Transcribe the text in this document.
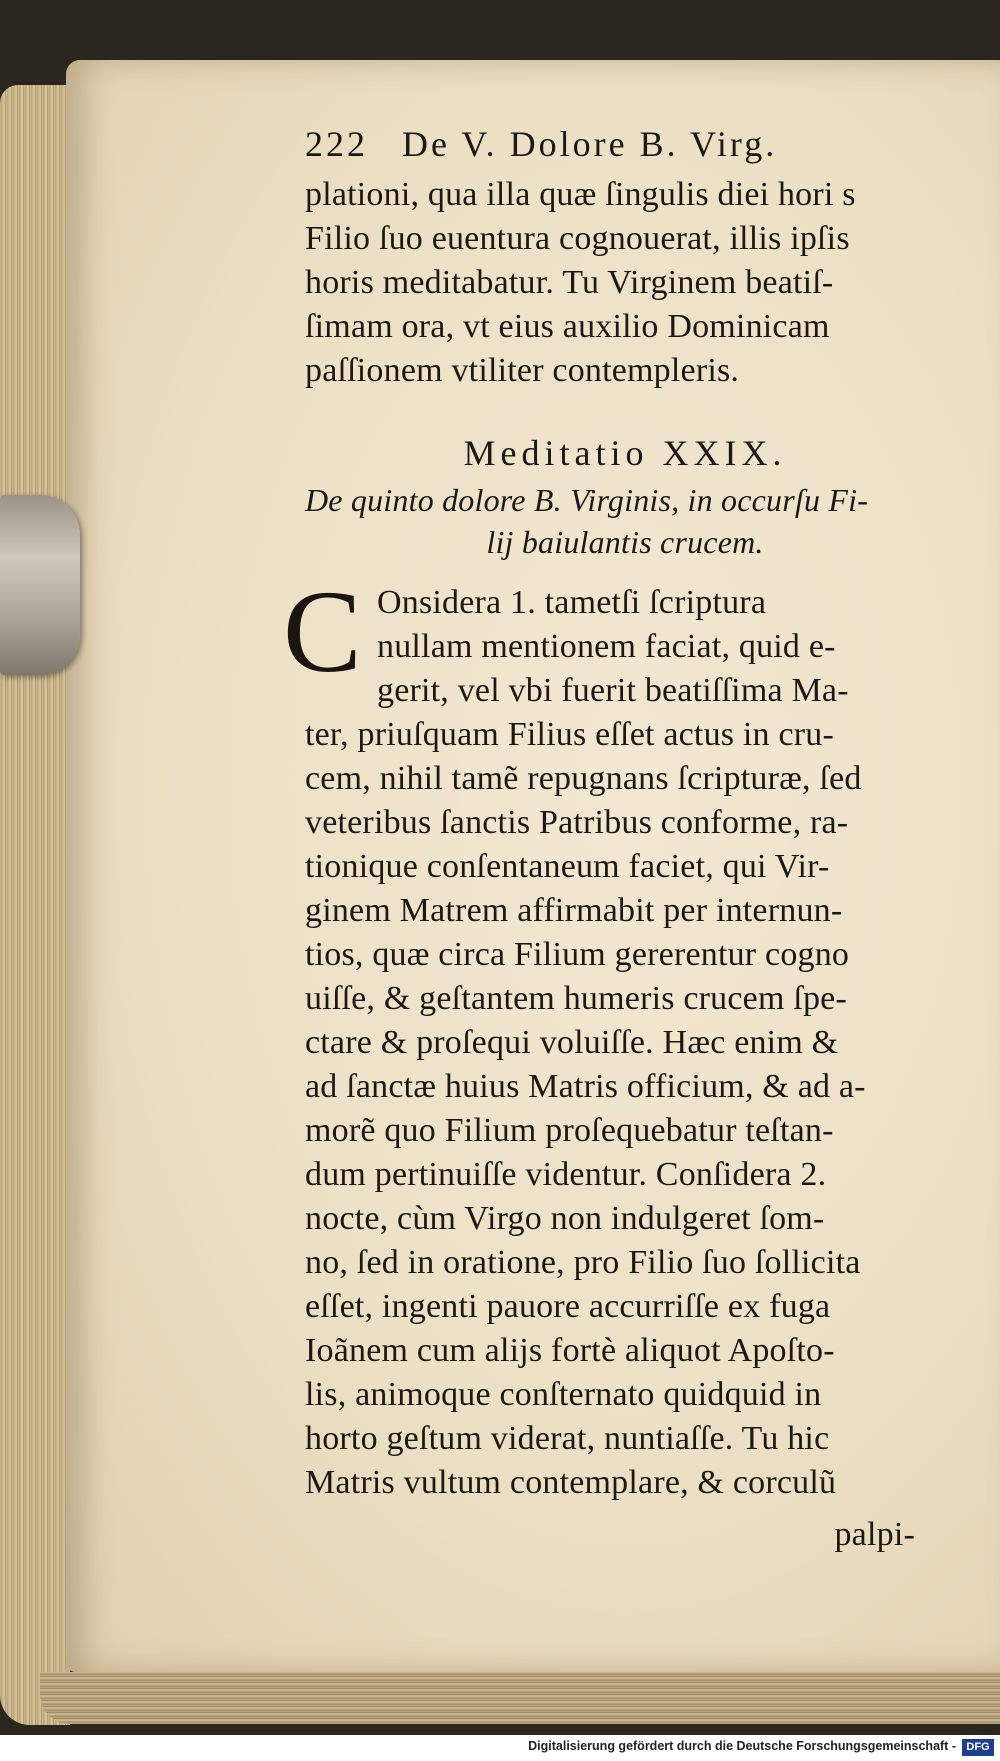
222 De V. Dolore B. Virg.
plationi, qua illa quæ ſingulis diei hori s
Filio ſuo euentura cognouerat, illis ipſis
horis meditabatur. Tu Virginem beatiſ-
ſimam ora, vt eius auxilio Dominicam
paſſionem vtiliter contempleris.
Meditatio XXIX.
De quinto dolore B. Virginis, in occurſu Fi-
lij baiulantis crucem.
C Onsidera 1. tametſi ſcriptura
nullam mentionem faciat, quid e-
gerit, vel vbi fuerit beatiſſima Ma-
ter, priuſquam Filius eſſet actus in cru-
cem, nihil tamẽ repugnans ſcripturæ, ſed
veteribus ſanctis Patribus conforme, ra-
tionique conſentaneum faciet, qui Vir-
ginem Matrem affirmabit per internun-
tios, quæ circa Filium gererentur cogno
uiſſe, & geſtantem humeris crucem ſpe-
ctare & proſequi voluiſſe. Hæc enim &
ad ſanctæ huius Matris officium, & ad a-
morẽ quo Filium proſequebatur teſtan-
dum pertinuiſſe videntur. Conſidera 2.
nocte, cùm Virgo non indulgeret ſom-
no, ſed in oratione, pro Filio ſuo ſollicita
eſſet, ingenti pauore accurriſſe ex fuga
Ioãnem cum alijs fortè aliquot Apoſto-
lis, animoque conſternato quidquid in
horto geſtum viderat, nuntiaſſe. Tu hic
Matris vultum contemplare, & corculũ
palpi-
Digitalisierung gefördert durch die Deutsche Forschungsgemeinschaft - DFG
